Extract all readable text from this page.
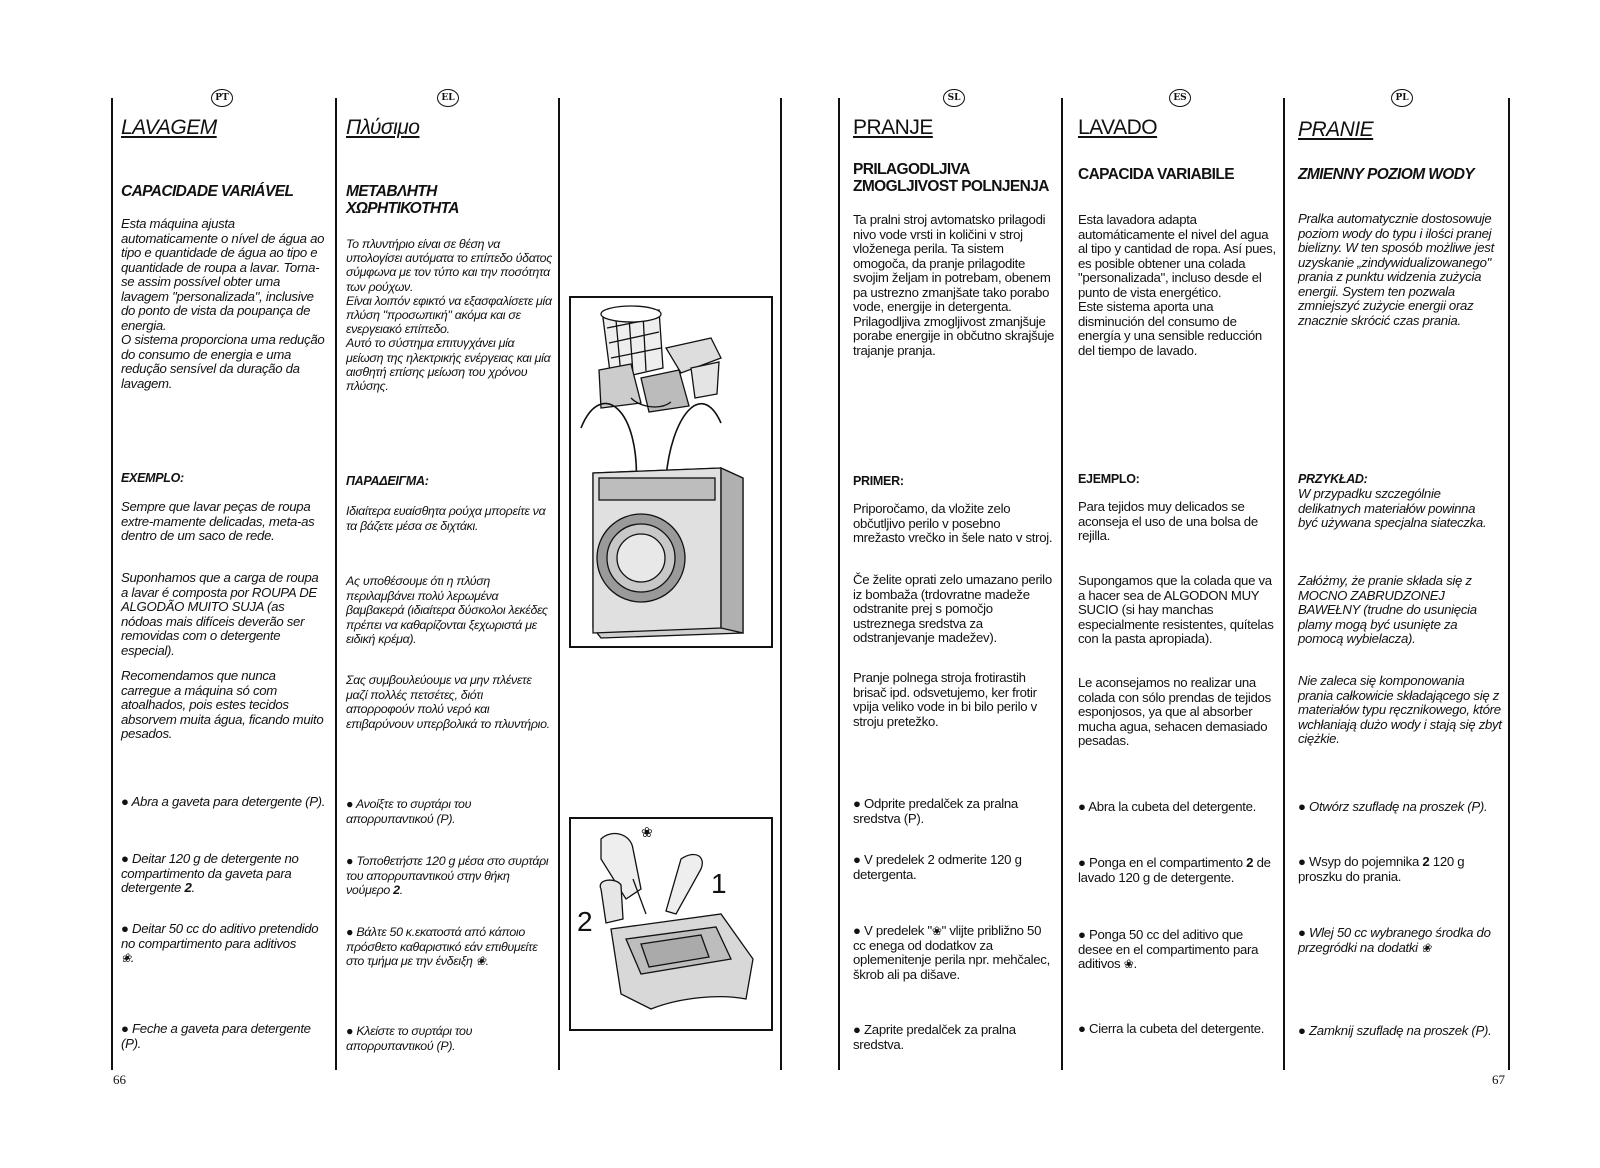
PT
LAVAGEM
CAPACIDADE VARIÁVEL
Esta máquina ajusta automaticamente o nível de água ao tipo e quantidade de água ao tipo e quantidade de roupa a lavar. Torna-se assim possível obter uma lavagem "personalizada", inclusive do ponto de vista da poupança de energia.
O sistema proporciona uma redução do consumo de energia e uma redução sensível da duração da lavagem.
EXEMPLO:
Sempre que lavar peças de roupa extre-mamente delicadas, meta-as dentro de um saco de rede.
Suponhamos que a carga de roupa a lavar é composta por ROUPA DE ALGODÃO MUITO SUJA (as nódoas mais difíceis deverão ser removidas com o detergente especial).
Recomendamos que nunca carregue a máquina só com atoalhados, pois estes tecidos absorvem muita água, ficando muito pesados.
● Abra a gaveta para detergente (P).
● Deitar 120 g de detergente no compartimento da gaveta para detergente 2.
● Deitar 50 cc do aditivo pretendido no compartimento para aditivos
❀.
● Feche a gaveta para detergente (P).
66
EL
Πλύσιμο
ΜΕΤΑΒΛΗΤΗ ΧΩΡΗΤΙΚΟΤΗΤΑ
Το πλυντήριο είναι σε θέση να υπολογίσει αυτόματα το επίπεδο ύδατος σύμφωνα με τον τύπο και την ποσότητα των ρούχων.
Είναι λοιπόν εφικτό να εξασφαλίσετε μία πλύση "προσωπική" ακόμα και σε ενεργειακό επίπεδο.
Αυτό το σύστημα επιτυγχάνει μία μείωση της ηλεκτρικής ενέργειας και μία αισθητή επίσης μείωση του χρόνου πλύσης.
ΠΑΡΑΔΕΙΓΜΑ:
Ιδιαίτερα ευαίσθητα ρούχα μπορείτε να τα βάζετε μέσα σε διχτάκι.
Ας υποθέσουμε ότι η πλύση περιλαμβάνει πολύ λερωμένα βαμβακερά (ιδιαίτερα δύσκολοι λεκέδες πρέπει να καθαρίζονται ξεχωριστά με ειδική κρέμα).
Σας συμβουλεύουμε να μην πλένετε μαζί πολλές πετσέτες, διότι απορροφούν πολύ νερό και επιβαρύνουν υπερβολικά το πλυντήριο.
● Ανοίξτε το συρτάρι του απορρυπαντικού (P).
● Τοποθετήστε 120 g μέσα στο συρτάρι του απορρυπαντικού στην θήκη νούμερο 2.
● Βάλτε 50 κ.εκατοστά από κάποιο πρόσθετο καθαριστικό εάν επιθυμείτε στο τμήμα με την ένδειξη ❀.
● Κλείστε το συρτάρι του απορρυπαντικού (P).
❀
1
2
SL
PRANJE
PRILAGODLJIVA ZMOGLJIVOST POLNJENJA
Ta pralni stroj avtomatsko prilagodi nivo vode vrsti in količini v stroj vloženega perila. Ta sistem omogoča, da pranje prilagodite svojim željam in potrebam, obenem pa ustrezno zmanjšate tako porabo vode, energije in detergenta. Prilagodljiva zmogljivost zmanjšuje porabe energije in občutno skrajšuje trajanje pranja.
PRIMER:
Priporočamo, da vložite zelo občutljivo perilo v posebno mrežasto vrečko in šele nato v stroj.
Če želite oprati zelo umazano perilo iz bombaža (trdovratne madeže odstranite prej s pomočjo ustreznega sredstva za odstranjevanje madežev).
Pranje polnega stroja frotirastih brisač ipd. odsvetujemo, ker frotir vpija veliko vode in bi bilo perilo v stroju pretežko.
● Odprite predalček za pralna sredstva (P).
● V predelek 2 odmerite 120 g detergenta.
● V predelek "❀" vlijte približno 50 cc enega od dodatkov za oplemenitenje perila npr. mehčalec, škrob ali pa dišave.
● Zaprite predalček za pralna sredstva.
ES
LAVADO
CAPACIDA VARIABILE
Esta lavadora adapta automáticamente el nivel del agua al tipo y cantidad de ropa. Así pues, es posible obtener una colada "personalizada", incluso desde el punto de vista energético.
Este sistema aporta una disminución del consumo de energía y una sensible reducción del tiempo de lavado.
EJEMPLO:
Para tejidos muy delicados se aconseja el uso de una bolsa de rejilla.
Supongamos que la colada que va a hacer sea de ALGODON MUY SUCIO (si hay manchas especialmente resistentes, quítelas con la pasta apropiada).
Le aconsejamos no realizar una colada con sólo prendas de tejidos esponjosos, ya que al absorber mucha agua, sehacen demasiado pesadas.
● Abra la cubeta del detergente.
● Ponga en el compartimento 2 de lavado 120 g de detergente.
● Ponga 50 cc del aditivo que desee en el compartimento para aditivos ❀.
● Cierra la cubeta del detergente.
PL
PRANIE
ZMIENNY POZIOM WODY
Pralka automatycznie dostosowuje poziom wody do typu i ilości pranej bielizny. W ten sposób możliwe jest uzyskanie „zindywidualizowanego" prania z punktu widzenia zużycia energii. System ten pozwala zmniejszyć zużycie energii oraz znacznie skrócić czas prania.
PRZYKŁAD:
W przypadku szczególnie delikatnych materiałów powinna być używana specjalna siateczka.
Załóżmy, że pranie składa się z MOCNO ZABRUDZONEJ BAWEŁNY (trudne do usunięcia plamy mogą być usunięte za pomocą wybielacza).
Nie zaleca się komponowania prania całkowicie składającego się z materiałów typu ręcznikowego, które wchłaniają dużo wody i stają się zbyt ciężkie.
● Otwórz szufladę na proszek (P).
● Wsyp do pojemnika 2 120 g proszku do prania.
● Wlej 50 cc wybranego środka do przegródki na dodatki ❀
● Zamknij szufladę na proszek (P).
67
